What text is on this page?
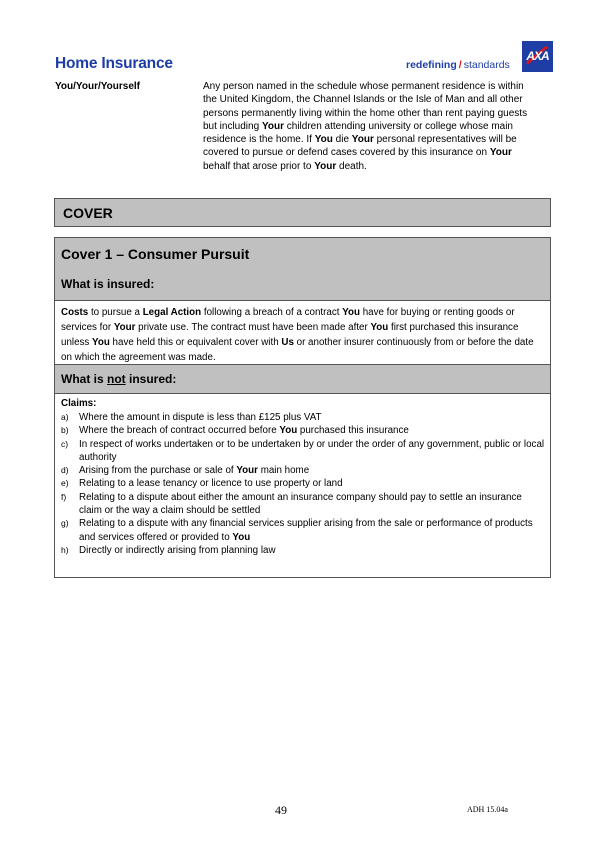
Home Insurance	redefining / standards
AXA
You/Your/Yourself	Any person named in the schedule whose permanent residence is within the United Kingdom, the Channel Islands or the Isle of Man and all other persons permanently living within the home other than rent paying guests but including Your children attending university or college whose main residence is the home. If You die Your personal representatives will be covered to pursue or defend cases covered by this insurance on Your behalf that arose prior to Your death.
COVER
Cover 1 – Consumer Pursuit
What is insured:
Costs to pursue a Legal Action following a breach of a contract You have for buying or renting goods or services for Your private use. The contract must have been made after You first purchased this insurance unless You have held this or equivalent cover with Us or another insurer continuously from or before the date on which the agreement was made.
What is not insured:
Claims:
a) Where the amount in dispute is less than £125 plus VAT
b) Where the breach of contract occurred before You purchased this insurance
c) In respect of works undertaken or to be undertaken by or under the order of any government, public or local authority
d) Arising from the purchase or sale of Your main home
e) Relating to a lease tenancy or licence to use property or land
f) Relating to a dispute about either the amount an insurance company should pay to settle an insurance claim or the way a claim should be settled
g) Relating to a dispute with any financial services supplier arising from the sale or performance of products and services offered or provided to You
h) Directly or indirectly arising from planning law
49	ADH 15.04a
